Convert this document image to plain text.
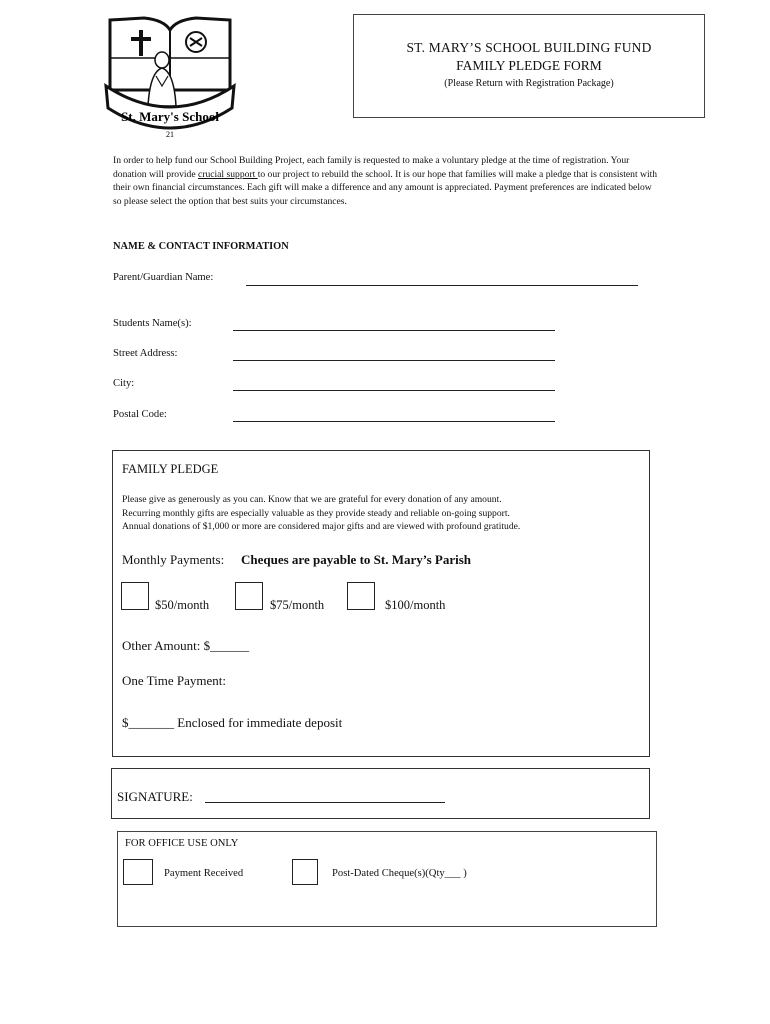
St. Mary's School
21
ST. MARY’S SCHOOL BUILDING FUND
FAMILY PLEDGE FORM
(Please Return with Registration Package)
In order to help fund our School Building Project, each family is requested to make a voluntary pledge at the time of registration. Your donation will provide crucial support to our project to rebuild the school. It is our hope that families will make a pledge that is consistent with their own financial circumstances. Each gift will make a difference and any amount is appreciated. Payment preferences are indicated below so please select the option that best suits your circumstances.
NAME & CONTACT INFORMATION
Parent/Guardian Name:
Students Name(s):
Street Address:
City:
Postal Code:
FAMILY PLEDGE
Please give as generously as you can. Know that we are grateful for every donation of any amount.
Recurring monthly gifts are especially valuable as they provide steady and reliable on-going support.
Annual donations of $1,000 or more are considered major gifts and are viewed with profound gratitude.
Monthly Payments: Cheques are payable to St. Mary’s Parish
$50/month	$75/month	$100/month
Other Amount: $______
One Time Payment:
$_______ Enclosed for immediate deposit
SIGNATURE:
FOR OFFICE USE ONLY
Payment Received	Post-Dated Cheque(s)(Qty___ )
